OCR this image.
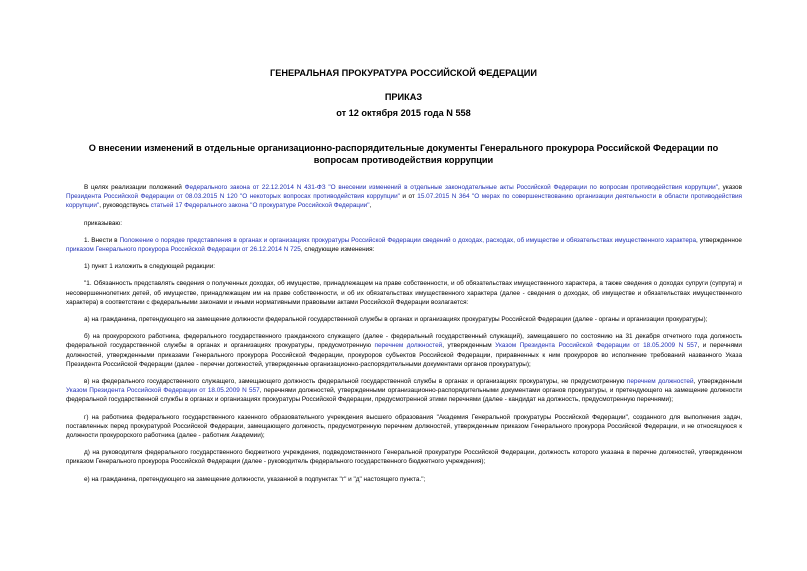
ГЕНЕРАЛЬНАЯ ПРОКУРАТУРА РОССИЙСКОЙ ФЕДЕРАЦИИ
ПРИКАЗ
от 12 октября 2015 года N 558
О внесении изменений в отдельные организационно-распорядительные документы Генерального прокурора Российской Федерации по вопросам противодействия коррупции

В целях реализации положений Федерального закона от 22.12.2014 N 431-ФЗ "О внесении изменений в отдельные законодательные акты Российской Федерации по вопросам противодействия коррупции", указов Президента Российской Федерации от 08.03.2015 N 120 "О некоторых вопросах противодействия коррупции" и от 15.07.2015 N 364 "О мерах по совершенствованию организации деятельности в области противодействия коррупции", руководствуясь статьей 17 Федерального закона "О прокуратуре Российской Федерации",

приказываю:

1. Внести в Положение о порядке представления в органах и организациях прокуратуры Российской Федерации сведений о доходах, расходах, об имуществе и обязательствах имущественного характера, утвержденное приказом Генерального прокурора Российской Федерации от 26.12.2014 N 725, следующие изменения:

1) пункт 1 изложить в следующей редакции:

"1. Обязанность представлять сведения о полученных доходах, об имуществе, принадлежащем на праве собственности, и об обязательствах имущественного характера, а также сведения о доходах супруги (супруга) и несовершеннолетних детей, об имуществе, принадлежащем им на праве собственности, и об их обязательствах имущественного характера (далее - сведения о доходах, об имуществе и обязательствах имущественного характера) в соответствии с федеральными законами и иными нормативными правовыми актами Российской Федерации возлагается:

а) на гражданина, претендующего на замещение должности федеральной государственной службы в органах и организациях прокуратуры Российской Федерации (далее - органы и организации прокуратуры);

б) на прокурорского работника, федерального государственного гражданского служащего (далее - федеральный государственный служащий), замещавшего по состоянию на 31 декабря отчетного года должность федеральной государственной службы в органах и организациях прокуратуры, предусмотренную перечнем должностей, утвержденным Указом Президента Российской Федерации от 18.05.2009 N 557, и перечнями должностей, утвержденными приказами Генерального прокурора Российской Федерации, прокуроров субъектов Российской Федерации, приравненных к ним прокуроров во исполнение требований названного Указа Президента Российской Федерации (далее - перечни должностей, утвержденные организационно-распорядительными документами органов прокуратуры);

в) на федерального государственного служащего, замещающего должность федеральной государственной службы в органах и организациях прокуратуры, не предусмотренную перечнем должностей, утвержденным Указом Президента Российской Федерации от 18.05.2009 N 557, перечнями должностей, утвержденными организационно-распорядительными документами органов прокуратуры, и претендующего на замещение должности федеральной государственной службы в органах и организациях прокуратуры Российской Федерации, предусмотренной этими перечнями (далее - кандидат на должность, предусмотренную перечнями);

г) на работника федерального государственного казенного образовательного учреждения высшего образования "Академия Генеральной прокуратуры Российской Федерации", созданного для выполнения задач, поставленных перед прокуратурой Российской Федерации, замещающего должность, предусмотренную перечнем должностей, утвержденным приказом Генерального прокурора Российской Федерации, и не относящуюся к должности прокурорского работника (далее - работник Академии);

д) на руководителя федерального государственного бюджетного учреждения, подведомственного Генеральной прокуратуре Российской Федерации, должность которого указана в перечне должностей, утвержденном приказом Генерального прокурора Российской Федерации (далее - руководитель федерального государственного бюджетного учреждения);

е) на гражданина, претендующего на замещение должности, указанной в подпунктах "г" и "д" настоящего пункта.";
